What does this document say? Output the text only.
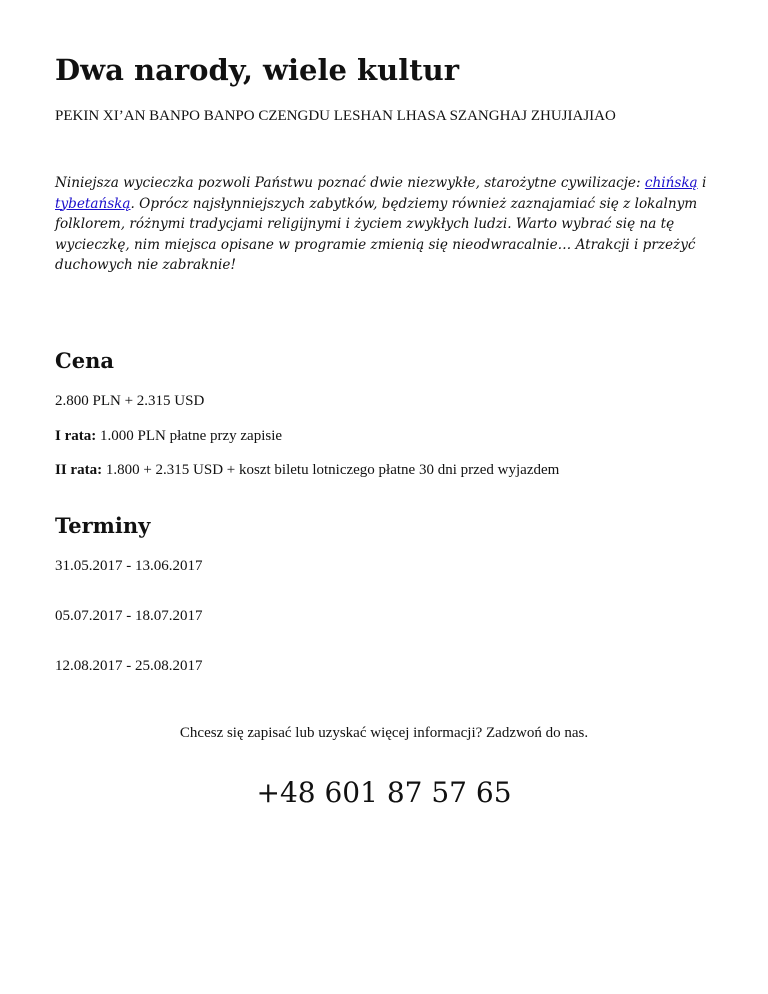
Dwa narody, wiele kultur

PEKIN XI’AN BANPO BANPO CZENGDU LESHAN LHASA SZANGHAJ ZHUJIAJIAO

Niniejsza wycieczka pozwoli Państwu poznać dwie niezwykłe, starożytne cywilizacje: chińską i tybetańską. Oprócz najsłynniejszych zabytków, będziemy również zaznajamiać się z lokalnym folklorem, różnymi tradycjami religijnymi i życiem zwykłych ludzi. Warto wybrać się na tę wycieczkę, nim miejsca opisane w programie zmienią się nieodwracalnie… Atrakcji i przeżyć duchowych nie zabraknie!

Cena

2.800 PLN + 2.315 USD

I rata: 1.000 PLN płatne przy zapisie

II rata: 1.800 + 2.315 USD + koszt biletu lotniczego płatne 30 dni przed wyjazdem

Terminy

31.05.2017 - 13.06.2017

05.07.2017 - 18.07.2017

12.08.2017 - 25.08.2017

Chcesz się zapisać lub uzyskać więcej informacji? Zadzwoń do nas.

+48 601 87 57 65
